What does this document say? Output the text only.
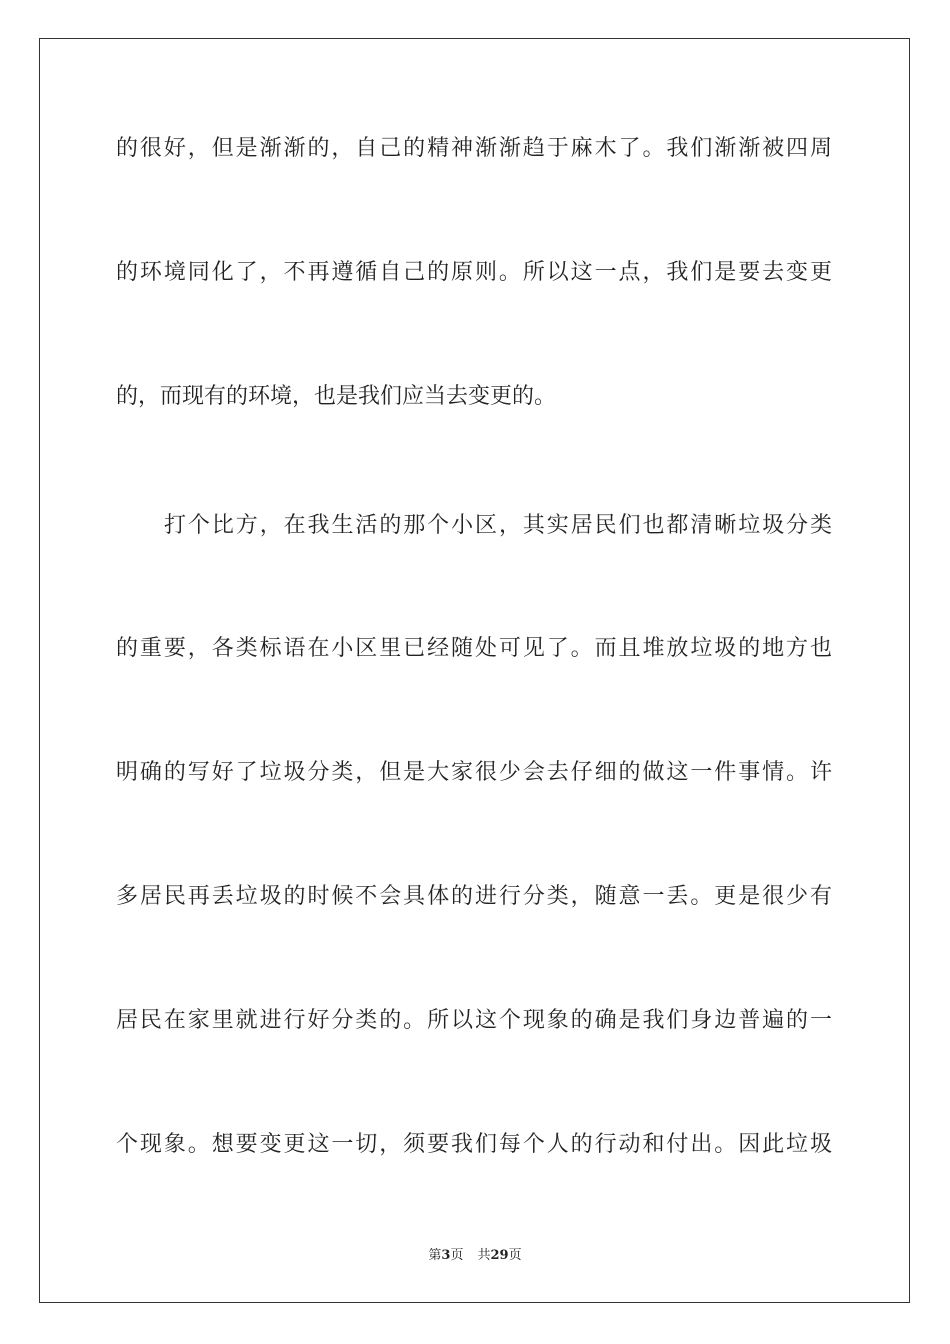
的很好，但是渐渐的，自己的精神渐渐趋于麻木了。我们渐渐被四周
的环境同化了，不再遵循自己的原则。所以这一点，我们是要去变更
的，而现有的环境，也是我们应当去变更的。
打个比方，在我生活的那个小区，其实居民们也都清晰垃圾分类
的重要，各类标语在小区里已经随处可见了。而且堆放垃圾的地方也
明确的写好了垃圾分类，但是大家很少会去仔细的做这一件事情。许
多居民再丢垃圾的时候不会具体的进行分类，随意一丢。更是很少有
居民在家里就进行好分类的。所以这个现象的确是我们身边普遍的一
个现象。想要变更这一切，须要我们每个人的行动和付出。因此垃圾
第3页 共29页
